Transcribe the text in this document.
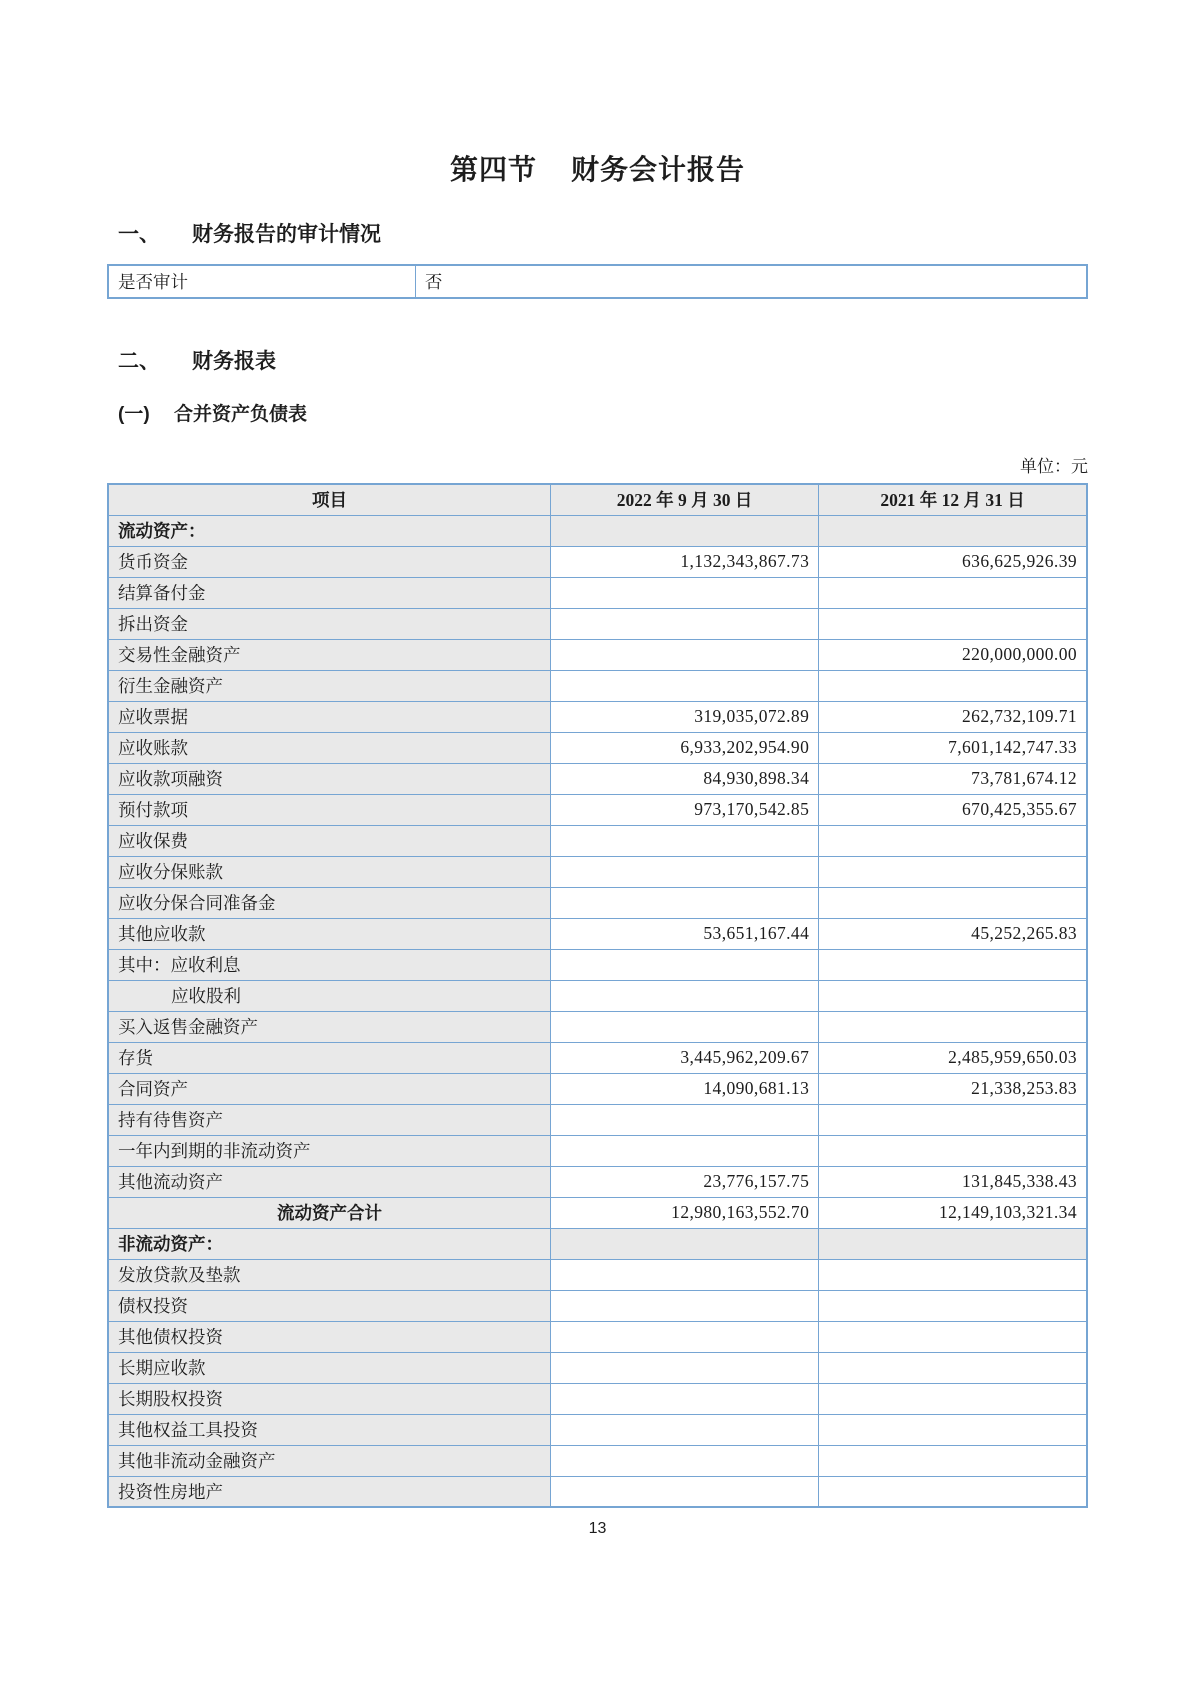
第四节 财务会计报告
一、 财务报告的审计情况
是否审计	否
二、 财务报表
(一) 合并资产负债表
单位：元
项目	2022 年 9 月 30 日	2021 年 12 月 31 日
流动资产：		
货币资金	1,132,343,867.73	636,625,926.39
结算备付金		
拆出资金		
交易性金融资产		220,000,000.00
衍生金融资产		
应收票据	319,035,072.89	262,732,109.71
应收账款	6,933,202,954.90	7,601,142,747.33
应收款项融资	84,930,898.34	73,781,674.12
预付款项	973,170,542.85	670,425,355.67
应收保费		
应收分保账款		
应收分保合同准备金		
其他应收款	53,651,167.44	45,252,265.83
其中：应收利息		
应收股利		
买入返售金融资产		
存货	3,445,962,209.67	2,485,959,650.03
合同资产	14,090,681.13	21,338,253.83
持有待售资产		
一年内到期的非流动资产		
其他流动资产	23,776,157.75	131,845,338.43
流动资产合计	12,980,163,552.70	12,149,103,321.34
非流动资产：		
发放贷款及垫款		
债权投资		
其他债权投资		
长期应收款		
长期股权投资		
其他权益工具投资		
其他非流动金融资产		
投资性房地产		
13
